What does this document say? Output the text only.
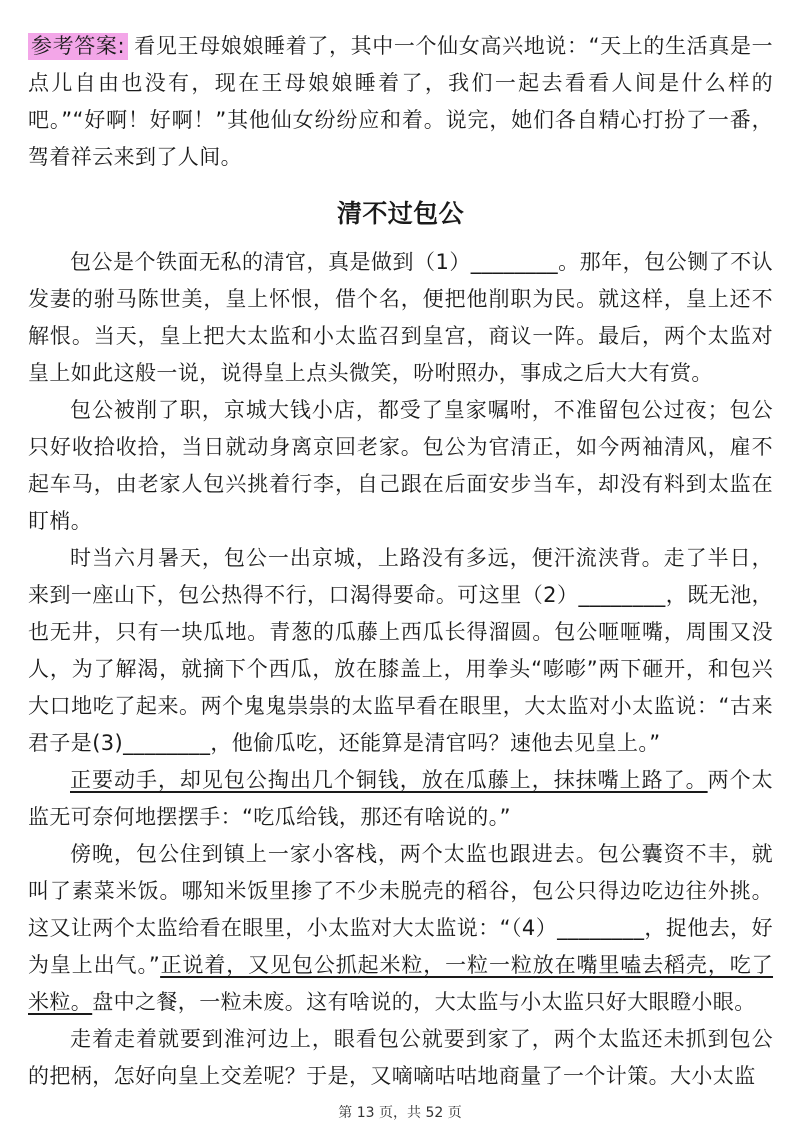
参考答案: 看见王母娘娘睡着了，其中一个仙女高兴地说：“天上的生活真是一点儿自由也没有，现在王母娘娘睡着了，我们一起去看看人间是什么样的吧。”“好啊！好啊！”其他仙女纷纷应和着。说完，她们各自精心打扮了一番，驾着祥云来到了人间。
清不过包公

包公是个铁面无私的清官，真是做到（1）________。那年，包公铡了不认发妻的驸马陈世美，皇上怀恨，借个名，便把他削职为民。就这样，皇上还不解恨。当天，皇上把大太监和小太监召到皇宫，商议一阵。最后，两个太监对皇上如此这般一说，说得皇上点头微笑，吩咐照办，事成之后大大有赏。

包公被削了职，京城大钱小店，都受了皇家嘱咐，不准留包公过夜；包公只好收拾收拾，当日就动身离京回老家。包公为官清正，如今两袖清风，雇不起车马，由老家人包兴挑着行李，自己跟在后面安步当车，却没有料到太监在盯梢。

时当六月暑天，包公一出京城，上路没有多远，便汗流浃背。走了半日，来到一座山下，包公热得不行，口渴得要命。可这里（2）________，既无池，也无井，只有一块瓜地。青葱的瓜藤上西瓜长得溜圆。包公咂咂嘴，周围又没人，为了解渴，就摘下个西瓜，放在膝盖上，用拳头“嘭嘭”两下砸开，和包兴大口地吃了起来。两个鬼鬼祟祟的太监早看在眼里，大太监对小太监说：“古来君子是(3)________，他偷瓜吃，还能算是清官吗？速他去见皇上。”

正要动手，却见包公掏出几个铜钱，放在瓜藤上，抹抹嘴上路了。两个太监无可奈何地摆摆手：“吃瓜给钱，那还有啥说的。”

傍晚，包公住到镇上一家小客栈，两个太监也跟进去。包公囊资不丰，就叫了素菜米饭。哪知米饭里掺了不少未脱壳的稻谷，包公只得边吃边往外挑。这又让两个太监给看在眼里，小太监对大太监说：“（4）________，捉他去，好为皇上出气。”正说着，又见包公抓起米粒，一粒一粒放在嘴里嗑去稻壳，吃了米粒。盘中之餐，一粒未废。这有啥说的，大太监与小太监只好大眼瞪小眼。

走着走着就要到淮河边上，眼看包公就要到家了，两个太监还未抓到包公的把柄，怎好向皇上交差呢？于是，又嘀嘀咕咕地商量了一个计策。大小太监

第 13 页，共 52 页
